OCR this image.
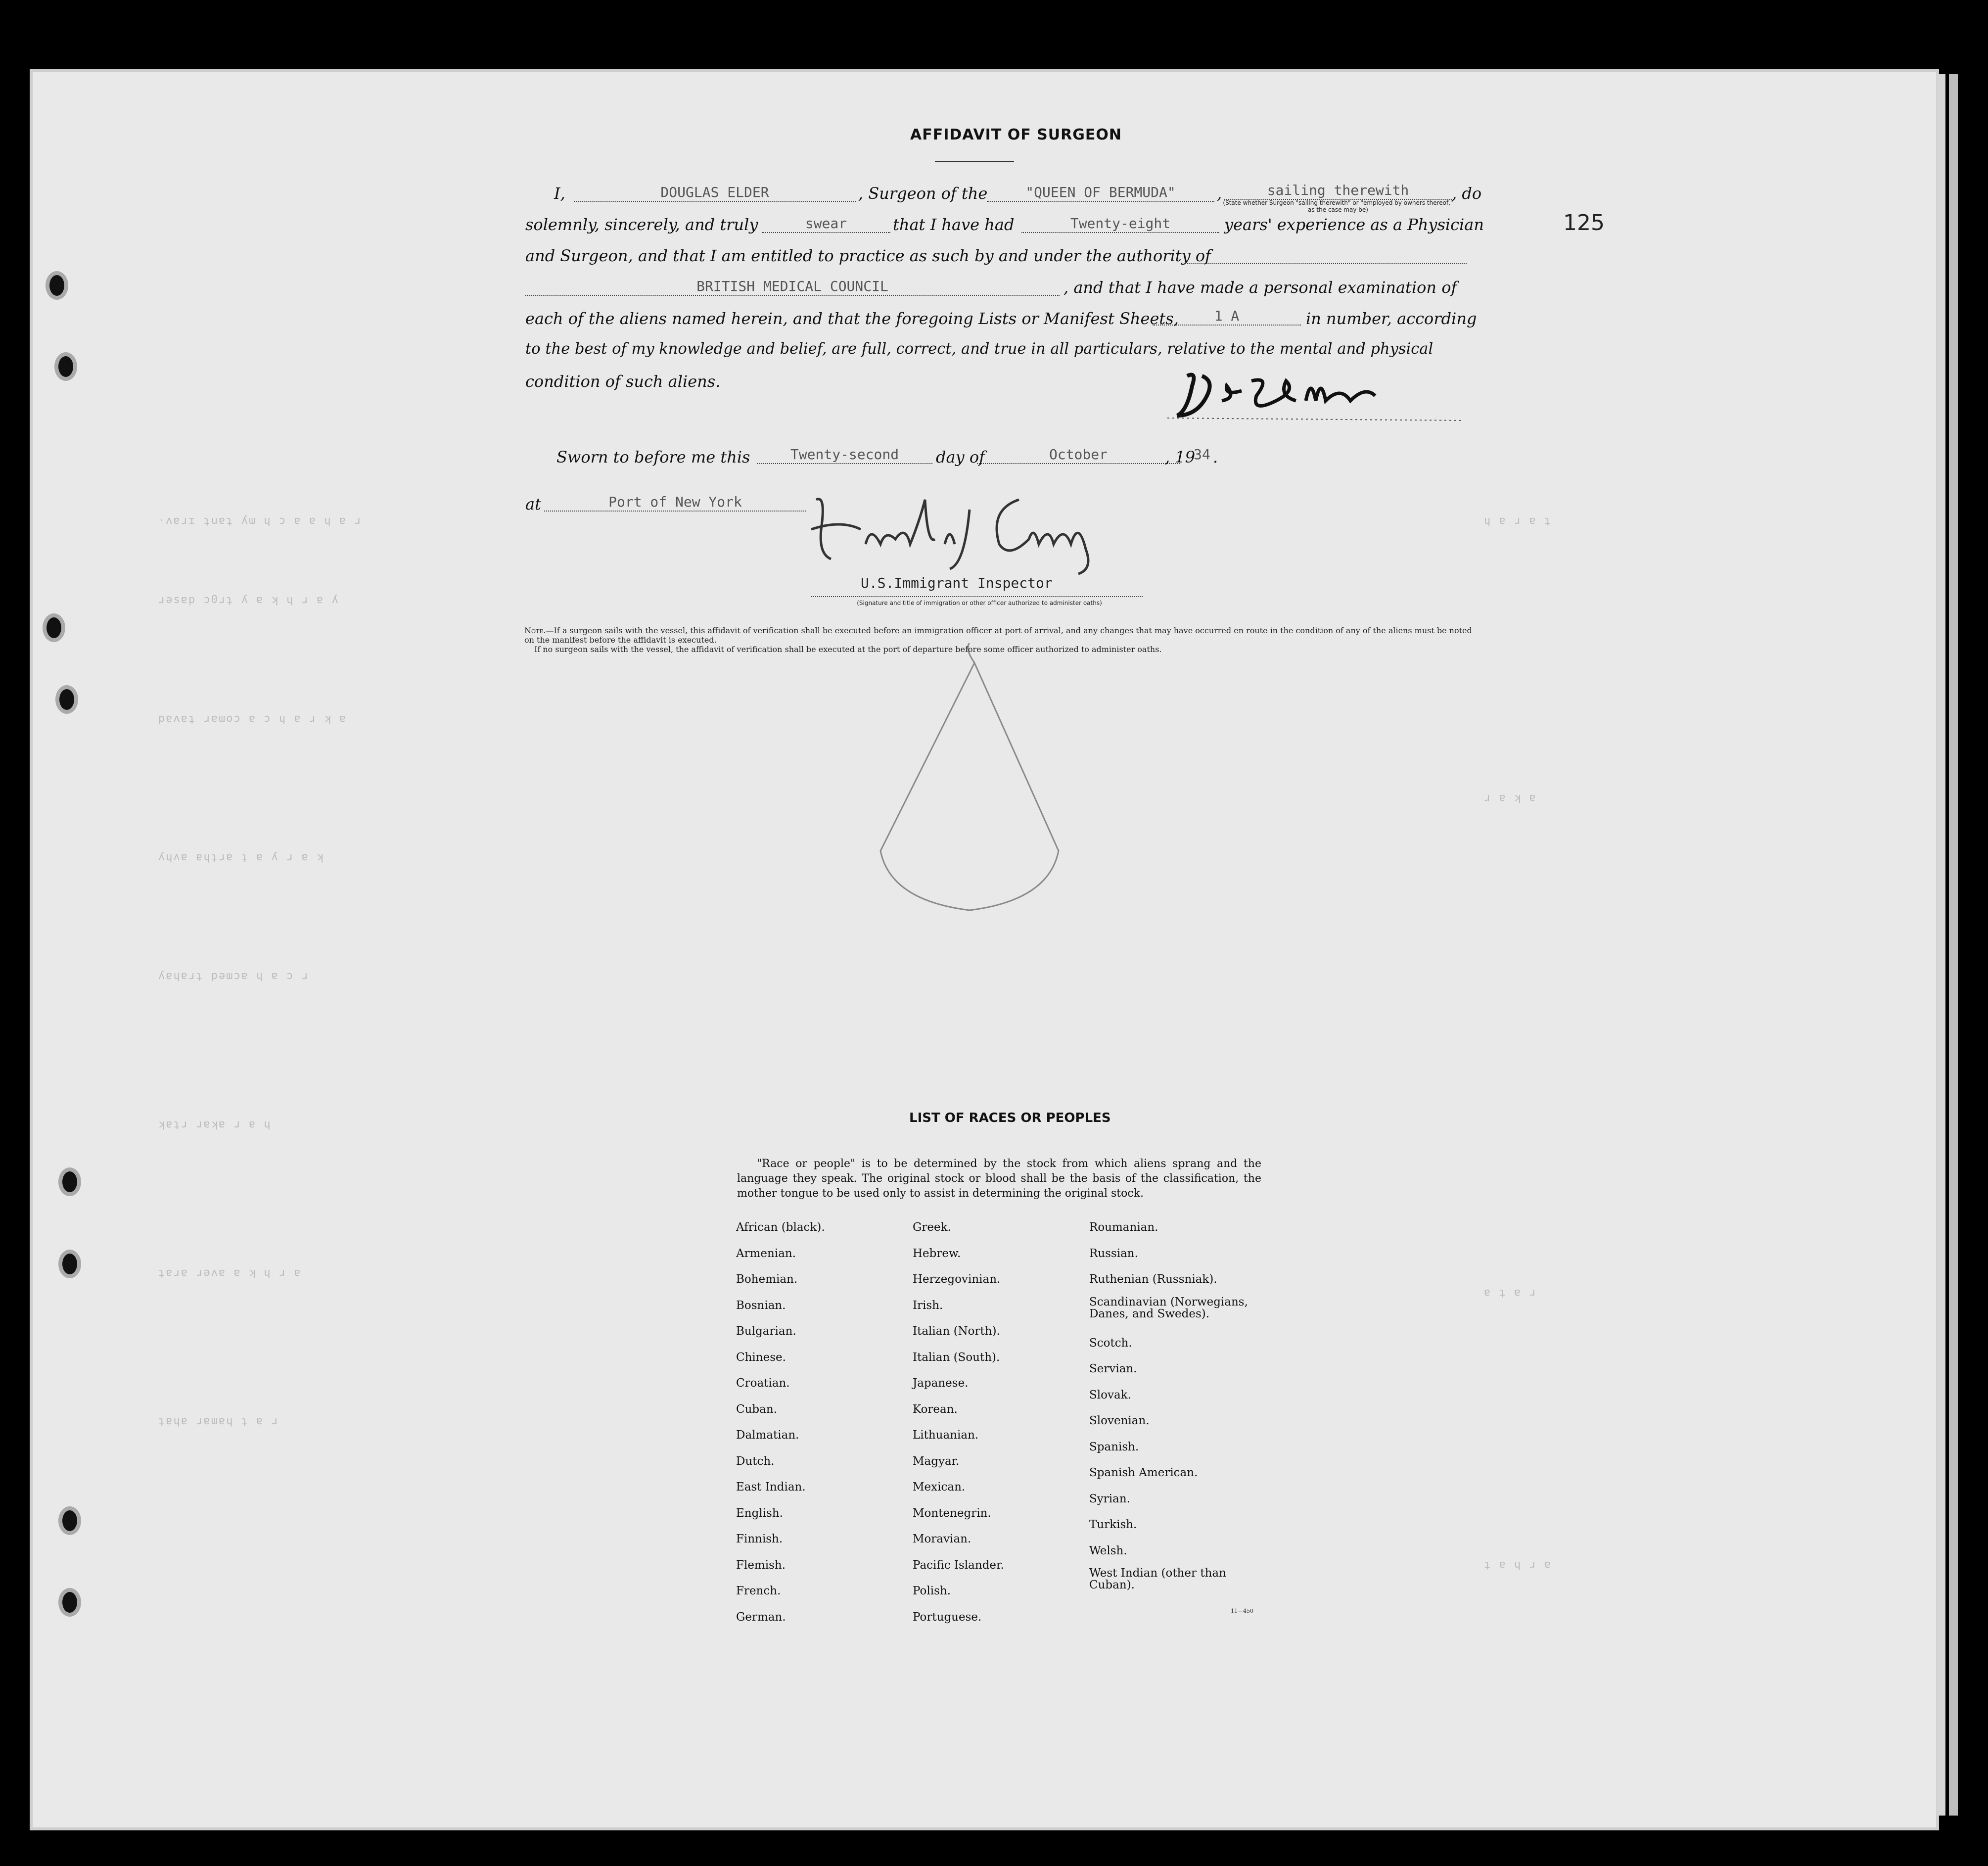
·ʌɐɹɪ ʇuɐʇ ʎɯ ɥ ɔ ɐ ɐ ɥ ɐ ɹ
ɹəsɐp ɔ0ɹʇ ʎ ɐ ʞ ɥ ɹ ɐ ʎ
pɐʌɐʇ ɹɐɯoɔ ɐ ɔ ɥ ɐ ɹ ʞ ɐ
ʎɥʌɐ ɐɥʇɹɐ ʇ ɐ ʎ ɹ ɐ ʞ
ʎɐɥɐɹʇ pəɯɔɐ ɥ ɐ ɔ ɹ
ʞɐʇɹ ɹɐʞɐ ɹ ɐ ɥ
ʇɐɹɐ ɹəʌɐ ɐ ʞ ɥ ɹ ɐ
ʇɐɥɐ ɹɐɯɐɥ ʇ ɐ ɹ
ɥ ɐ ɹ ɐ ʇ
ɹ ɐ ʞ ɐ
ɐ ʇ ɐ ɹ
ʇ ɐ ɥ ɹ ɐ
AFFIDAVIT OF SURGEON
125
I,	DOUGLAS ELDER	, Surgeon of the	"QUEEN OF BERMUDA"	,	sailing therewith
(State whether Surgeon "sailing therewith" or "employed by owners thereof," as the case may be)
, do
solemnly, sincerely, and truly	swear	that I have had	Twenty-eight	years' experience as a Physician
and Surgeon, and that I am entitled to practice as such by and under the authority of
BRITISH MEDICAL COUNCIL	, and that I have made a personal examination of
each of the aliens named herein, and that the foregoing Lists or Manifest Sheets,	1 A	in number, according
to the best of my knowledge and belief, are full, correct, and true in all particulars, relative to the mental and physical
condition of such aliens.
Sworn to before me this	Twenty-second	day of	October	, 19
34 .
at	Port of New York
U.S.Immigrant Inspector
(Signature and title of immigration or other officer authorized to administer oaths)
Note.—If a surgeon sails with the vessel, this affidavit of verification shall be executed before an immigration officer at port of arrival, and any changes that may have occurred en route in the condition of any of the aliens must be noted on the manifest before the affidavit is executed.
If no surgeon sails with the vessel, the affidavit of verification shall be executed at the port of departure before some officer authorized to administer oaths.
LIST OF RACES OR PEOPLES
"Race or people" is to be determined by the stock from which aliens sprang and the language they speak. The original stock or blood shall be the basis of the classification, the mother tongue to be used only to assist in determining the original stock.
African (black).
Armenian.
Bohemian.
Bosnian.
Bulgarian.
Chinese.
Croatian.
Cuban.
Dalmatian.
Dutch.
East Indian.
English.
Finnish.
Flemish.
French.
German.
Greek.
Hebrew.
Herzegovinian.
Irish.
Italian (North).
Italian (South).
Japanese.
Korean.
Lithuanian.
Magyar.
Mexican.
Montenegrin.
Moravian.
Pacific Islander.
Polish.
Portuguese.
Roumanian.
Russian.
Ruthenian (Russniak).
Scandinavian (Norwegians, Danes, and Swedes).
Scotch.
Servian.
Slovak.
Slovenian.
Spanish.
Spanish American.
Syrian.
Turkish.
Welsh.
West Indian (other than Cuban).
11—450
